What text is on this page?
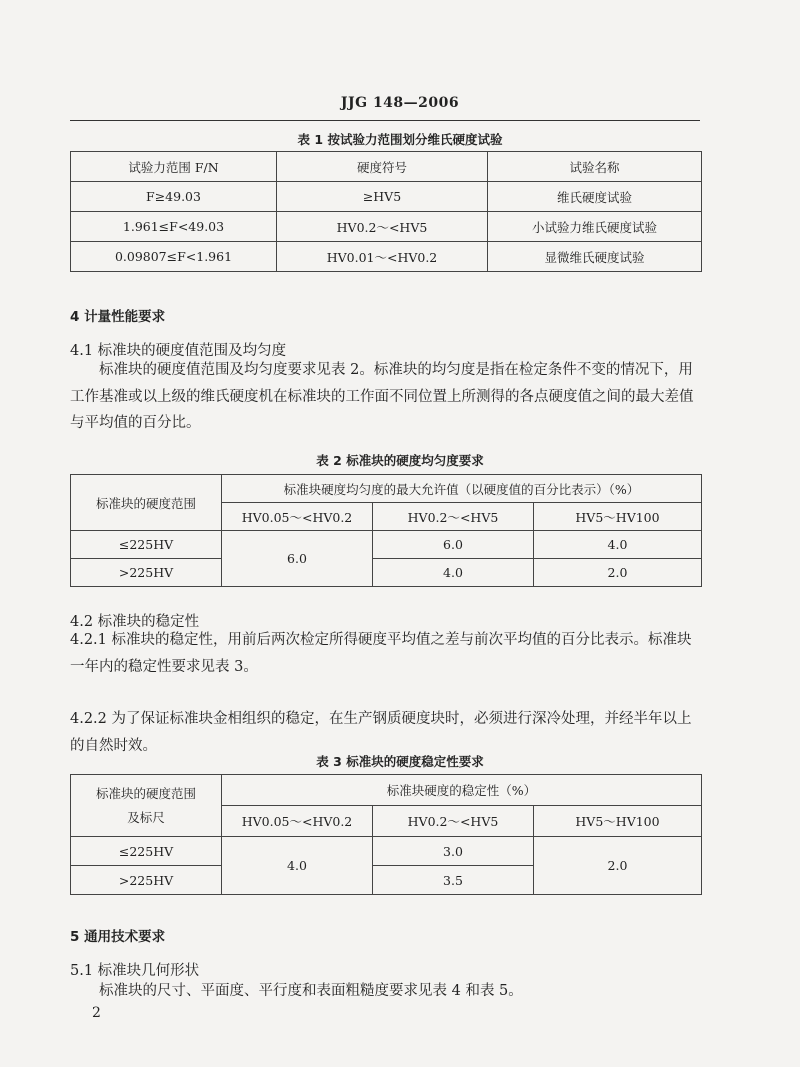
JJG 148—2006
表 1 按试验力范围划分维氏硬度试验
试验力范围 F/N	硬度符号	试验名称
F≥49.03	≥HV5	维氏硬度试验
1.961≤F<49.03	HV0.2～<HV5	小试验力维氏硬度试验
0.09807≤F<1.961	HV0.01～<HV0.2	显微维氏硬度试验
4 计量性能要求
4.1 标准块的硬度值范围及均匀度

标准块的硬度值范围及均匀度要求见表 2。标准块的均匀度是指在检定条件不变的情况下，用工作基准或以上级的维氏硬度机在标准块的工作面不同位置上所测得的各点硬度值之间的最大差值与平均值的百分比。

表 2 标准块的硬度均匀度要求
标准块的硬度范围	标准块硬度均匀度的最大允许值（以硬度值的百分比表示）（%）		
	HV0.05～<HV0.2	HV0.2～<HV5	HV5～HV100
≤225HV	6.0	6.0	4.0
>225HV		4.0	2.0
4.2 标准块的稳定性

4.2.1 标准块的稳定性，用前后两次检定所得硬度平均值之差与前次平均值的百分比表示。标准块一年内的稳定性要求见表 3。

4.2.2 为了保证标准块金相组织的稳定，在生产钢质硬度块时，必须进行深冷处理，并经半年以上的自然时效。

表 3 标准块的硬度稳定性要求
标准块的硬度范围
及标尺	标准块硬度的稳定性（%）		
	HV0.05～<HV0.2	HV0.2～<HV5	HV5～HV100
≤225HV	4.0	3.0	2.0
>225HV		3.5	
5 通用技术要求
5.1 标准块几何形状

标准块的尺寸、平面度、平行度和表面粗糙度要求见表 4 和表 5。

2
